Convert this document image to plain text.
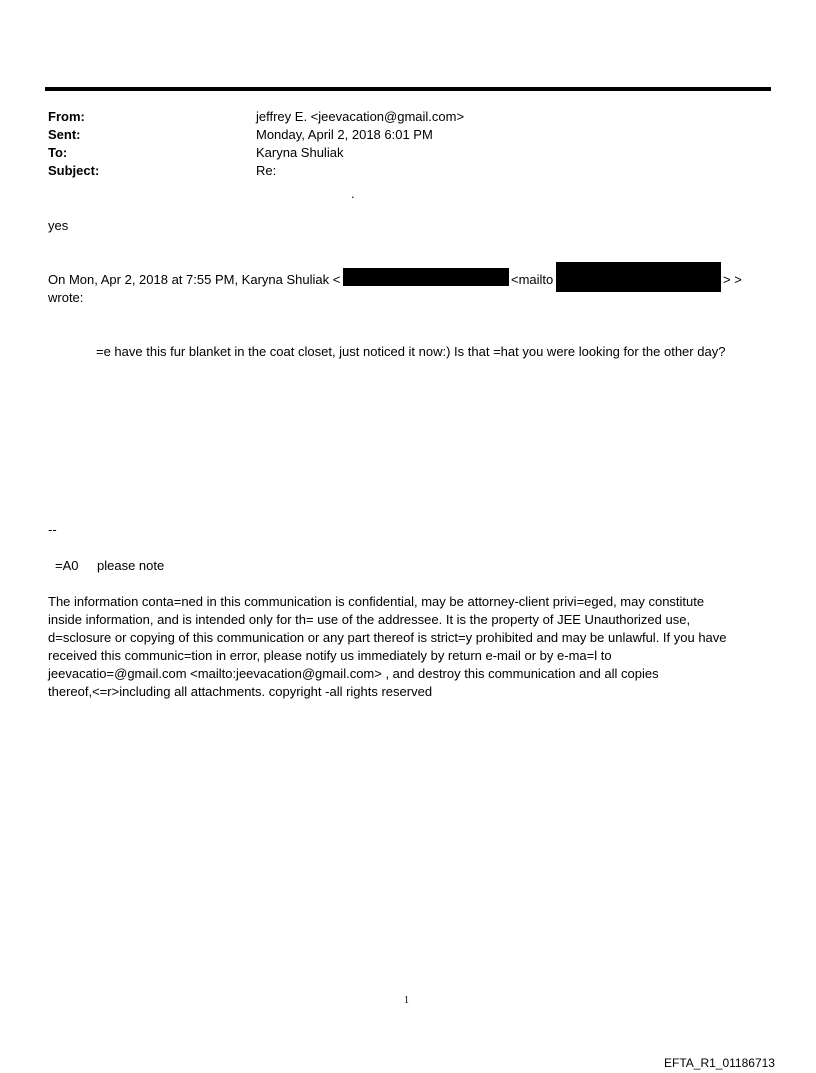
From:	jeffrey E. <jeevacation@gmail.com>
Sent:	Monday, April 2, 2018 6:01 PM
To:	Karyna Shuliak
Subject:	Re:
.
yes
On Mon, Apr 2, 2018 at 7:55 PM, Karyna Shuliak <	<mailto	> >
wrote:
=e have this fur blanket in the coat closet, just noticed it now:) Is that =hat you were looking for the other day?
--
=A0 please note
The information conta=ned in this communication is confidential, may be attorney-client privi=eged, may constitute
inside information, and is intended only for th= use of the addressee. It is the property of JEE Unauthorized use,
d=sclosure or copying of this communication or any part thereof is strict=y prohibited and may be unlawful. If you have
received this communic=tion in error, please notify us immediately by return e-mail or by e-ma=l to
jeevacatio=@gmail.com <mailto:jeevacation@gmail.com> , and destroy this communication and all copies
thereof,<=r>including all attachments. copyright -all rights reserved
1
EFTA_R1_01186713
